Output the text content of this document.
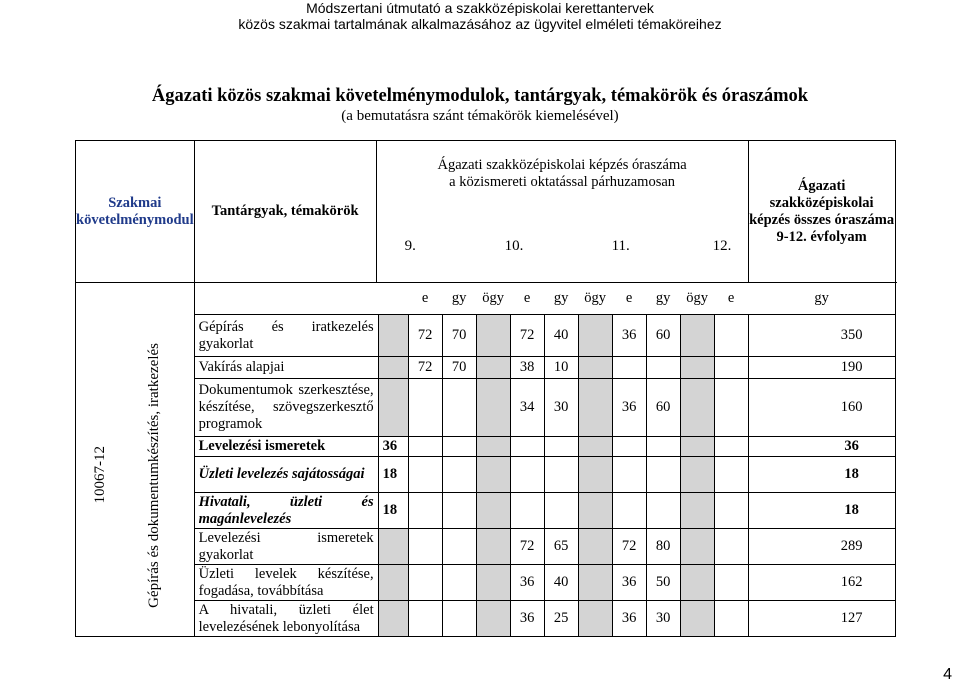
Módszertani útmutató a szakközépiskolai kerettantervek
közös szakmai tartalmának alkalmazásához az ügyvitel elméleti témaköreihez
Ágazati közös szakmai követelménymodulok, tantárgyak, témakörök és óraszámok
(a bemutatásra szánt témakörök kiemelésével)
Szakmai követelménymodul	Tantárgyak, témakörök	Ágazati szakközépiskolai képzés óraszáma a közismereti oktatással párhuzamosan
9. 10. 11. 12.												Ágazati szakközépiskolai képzés összes óraszáma 9-12. évfolyam	
				e	gy	ögy	e	gy	ögy	e	gy	ögy	e	gy	

10067-12 Gépírás és dokumentumkészítés, iratkezelés	Gépírás és iratkezelés gyakorlat			72	70		72	40		36	60			350	
	Vakírás alapjai			72	70		38	10						190	
	Dokumentumok szerkesztése, készítése, szövegszerkesztő programok						34	30		36	60			160	
	Levelezési ismeretek		36											36	
	Üzleti levelezés sajátosságai		18											18	
	Hivatali, üzleti és magánlevelezés		18											18	
	Levelezési ismeretek gyakorlat						72	65		72	80			289	
	Üzleti levelek készítése, fogadása, továbbítása						36	40		36	50			162	
	A hivatali, üzleti élet levelezésének lebonyolítása						36	25		36	30			127	
4
